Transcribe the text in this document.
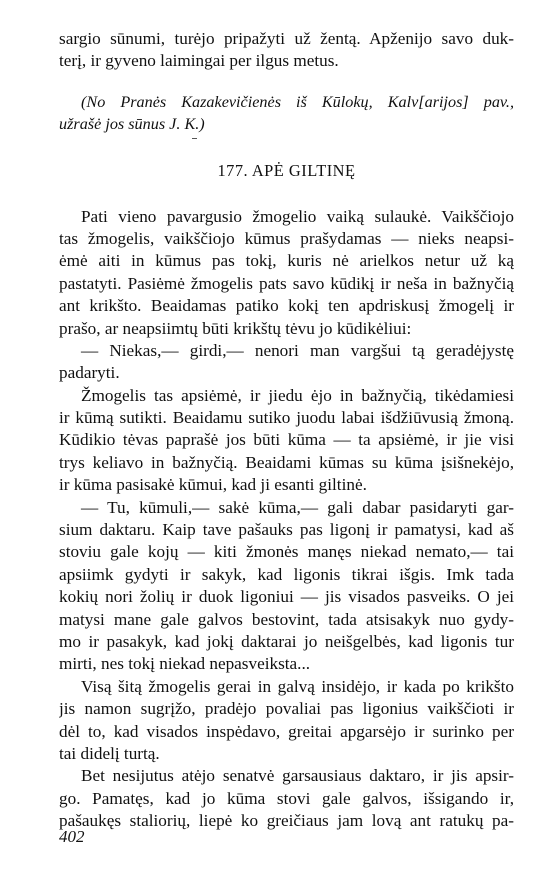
sargio sūnumi, turėjo pripažyti už žentą. Apženijo savo duk-
terį, ir gyveno laimingai per ilgus metus.
(No Pranės Kazakevičienės iš Kūlokų, Kalv[arijos] pav.,
užrašė jos sūnus J. K.)
177. APĖ GILTINĘ
Pati vieno pavargusio žmogelio vaiką sulaukė. Vaikščiojo
tas žmogelis, vaikščiojo kūmus prašydamas — nieks neapsi-
ėmė aiti in kūmus pas tokį, kuris nė arielkos netur už ką
pastatyti. Pasiėmė žmogelis pats savo kūdikį ir neša in bažnyčią
ant krikšto. Beaidamas patiko kokį ten apdriskusį žmogelį ir
prašo, ar neapsiimtų būti krikštų tėvu jo kūdikėliui:
— Niekas,— girdi,— nenori man vargšui tą geradėjystę
padaryti.
Žmogelis tas apsiėmė, ir jiedu ėjo in bažnyčią, tikėdamiesi
ir kūmą sutikti. Beaidamu sutiko juodu labai išdžiūvusią žmoną.
Kūdikio tėvas paprašė jos būti kūma — ta apsiėmė, ir jie visi
trys keliavo in bažnyčią. Beaidami kūmas su kūma įsišnekėjo,
ir kūma pasisakė kūmui, kad ji esanti giltinė.
— Tu, kūmuli,— sakė kūma,— gali dabar pasidaryti gar-
sium daktaru. Kaip tave pašauks pas ligonį ir pamatysi, kad aš
stoviu gale kojų — kiti žmonės manęs niekad nemato,— tai
apsiimk gydyti ir sakyk, kad ligonis tikrai išgis. Imk tada
kokių nori žolių ir duok ligoniui — jis visados pasveiks. O jei
matysi mane gale galvos bestovint, tada atsisakyk nuo gydy-
mo ir pasakyk, kad jokį daktarai jo neišgelbės, kad ligonis tur
mirti, nes tokį niekad nepasveiksta...
Visą šitą žmogelis gerai in galvą insidėjo, ir kada po krikšto
jis namon sugrįžo, pradėjo povaliai pas ligonius vaikščioti ir
dėl to, kad visados inspėdavo, greitai apgarsėjo ir surinko per
tai didelį turtą.
Bet nesijutus atėjo senatvė garsausiaus daktaro, ir jis apsir-
go. Pamatęs, kad jo kūma stovi gale galvos, išsigando ir,
pašaukęs staliorių, liepė ko greičiaus jam lovą ant ratukų pa-
402
